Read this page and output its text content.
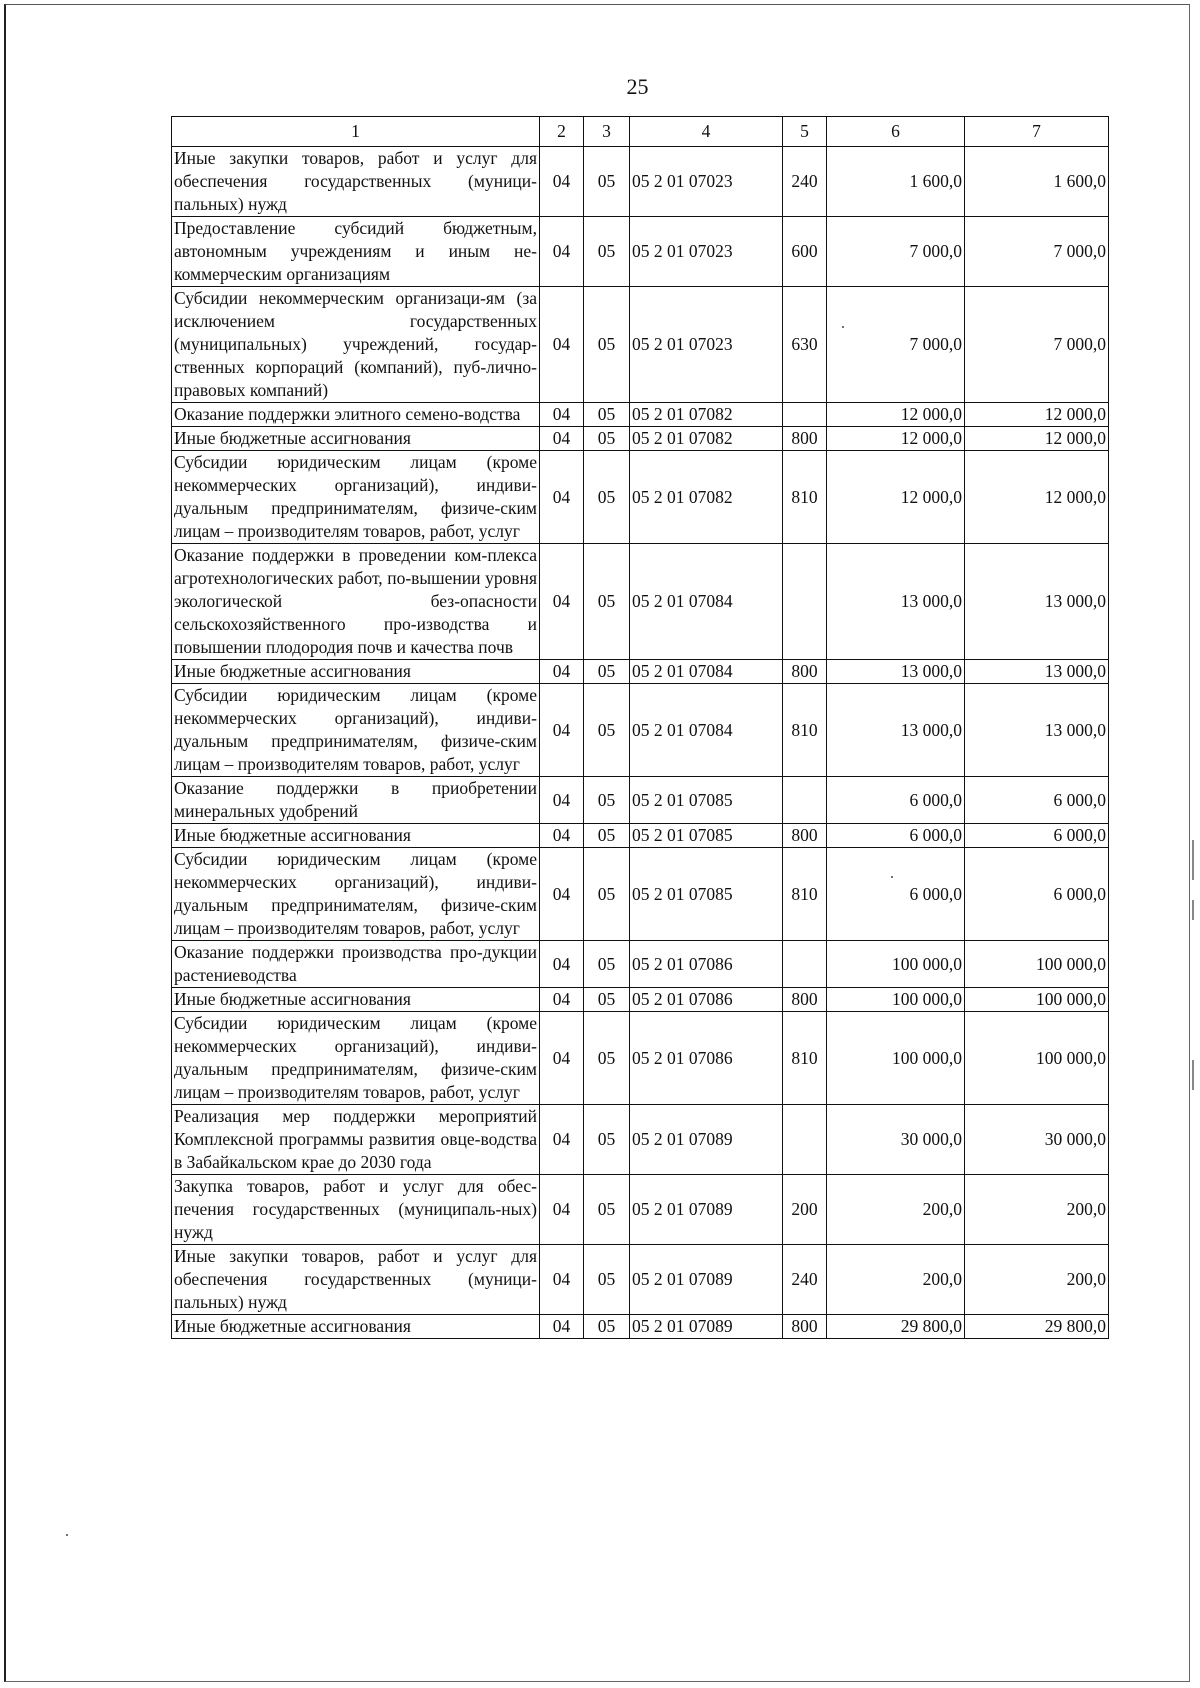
25
1	2	3	4	5	6	7
Иные закупки товаров, работ и услуг для обеспечения государственных (муници-пальных) нужд	04	05	05 2 01 07023	240	1 600,0	1 600,0
Предоставление субсидий бюджетным, автономным учреждениям и иным не-коммерческим организациям	04	05	05 2 01 07023	600	7 000,0	7 000,0
Субсидии некоммерческим организаци-ям (за исключением государственных (муниципальных) учреждений, государ-ственных корпораций (компаний), пуб-лично-правовых компаний)	04	05	05 2 01 07023	630	7 000,0	7 000,0
Оказание поддержки элитного семено-водства	04	05	05 2 01 07082		12 000,0	12 000,0
Иные бюджетные ассигнования	04	05	05 2 01 07082	800	12 000,0	12 000,0
Субсидии юридическим лицам (кроме некоммерческих организаций), индиви-дуальным предпринимателям, физиче-ским лицам – производителям товаров, работ, услуг	04	05	05 2 01 07082	810	12 000,0	12 000,0
Оказание поддержки в проведении ком-плекса агротехнологических работ, по-вышении уровня экологической без-опасности сельскохозяйственного про-изводства и повышении плодородия почв и качества почв	04	05	05 2 01 07084		13 000,0	13 000,0
Иные бюджетные ассигнования	04	05	05 2 01 07084	800	13 000,0	13 000,0
Субсидии юридическим лицам (кроме некоммерческих организаций), индиви-дуальным предпринимателям, физиче-ским лицам – производителям товаров, работ, услуг	04	05	05 2 01 07084	810	13 000,0	13 000,0
Оказание поддержки в приобретении минеральных удобрений	04	05	05 2 01 07085		6 000,0	6 000,0
Иные бюджетные ассигнования	04	05	05 2 01 07085	800	6 000,0	6 000,0
Субсидии юридическим лицам (кроме некоммерческих организаций), индиви-дуальным предпринимателям, физиче-ским лицам – производителям товаров, работ, услуг	04	05	05 2 01 07085	810	6 000,0	6 000,0
Оказание поддержки производства про-дукции растениеводства	04	05	05 2 01 07086		100 000,0	100 000,0
Иные бюджетные ассигнования	04	05	05 2 01 07086	800	100 000,0	100 000,0
Субсидии юридическим лицам (кроме некоммерческих организаций), индиви-дуальным предпринимателям, физиче-ским лицам – производителям товаров, работ, услуг	04	05	05 2 01 07086	810	100 000,0	100 000,0
Реализация мер поддержки мероприятий Комплексной программы развития овце-водства в Забайкальском крае до 2030 года	04	05	05 2 01 07089		30 000,0	30 000,0
Закупка товаров, работ и услуг для обес-печения государственных (муниципаль-ных) нужд	04	05	05 2 01 07089	200	200,0	200,0
Иные закупки товаров, работ и услуг для обеспечения государственных (муници-пальных) нужд	04	05	05 2 01 07089	240	200,0	200,0
Иные бюджетные ассигнования	04	05	05 2 01 07089	800	29 800,0	29 800,0
